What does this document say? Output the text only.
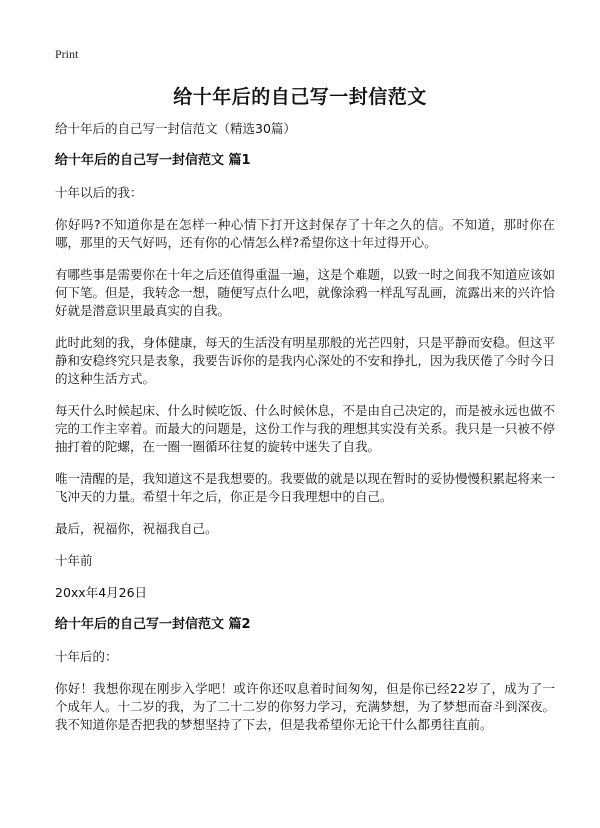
Print
给十年后的自己写一封信范文

给十年后的自己写一封信范文（精选30篇）

给十年后的自己写一封信范文 篇1

十年以后的我：

你好吗?不知道你是在怎样一种心情下打开这封保存了十年之久的信。不知道，那时你在哪，那里的天气好吗，还有你的心情怎么样?希望你这十年过得开心。

有哪些事是需要你在十年之后还值得重温一遍，这是个难题，以致一时之间我不知道应该如何下笔。但是，我转念一想，随便写点什么吧，就像涂鸦一样乱写乱画，流露出来的兴许恰好就是潜意识里最真实的自我。

此时此刻的我，身体健康，每天的生活没有明星那般的光芒四射，只是平静而安稳。但这平静和安稳终究只是表象，我要告诉你的是我内心深处的不安和挣扎，因为我厌倦了今时今日的这种生活方式。

每天什么时候起床、什么时候吃饭、什么时候休息，不是由自己决定的，而是被永远也做不完的工作主宰着。而最大的问题是，这份工作与我的理想其实没有关系。我只是一只被不停抽打着的陀螺，在一圈一圈循环往复的旋转中迷失了自我。

唯一清醒的是，我知道这不是我想要的。我要做的就是以现在暂时的妥协慢慢积累起将来一飞冲天的力量。希望十年之后，你正是今日我理想中的自己。

最后，祝福你，祝福我自己。

十年前

20xx年4月26日

给十年后的自己写一封信范文 篇2

十年后的：

你好！我想你现在刚步入学吧！或许你还叹息着时间匆匆，但是你已经22岁了，成为了一个成年人。十二岁的我，为了二十二岁的你努力学习，充满梦想，为了梦想而奋斗到深夜。我不知道你是否把我的梦想坚持了下去，但是我希望你无论干什么都勇往直前。
